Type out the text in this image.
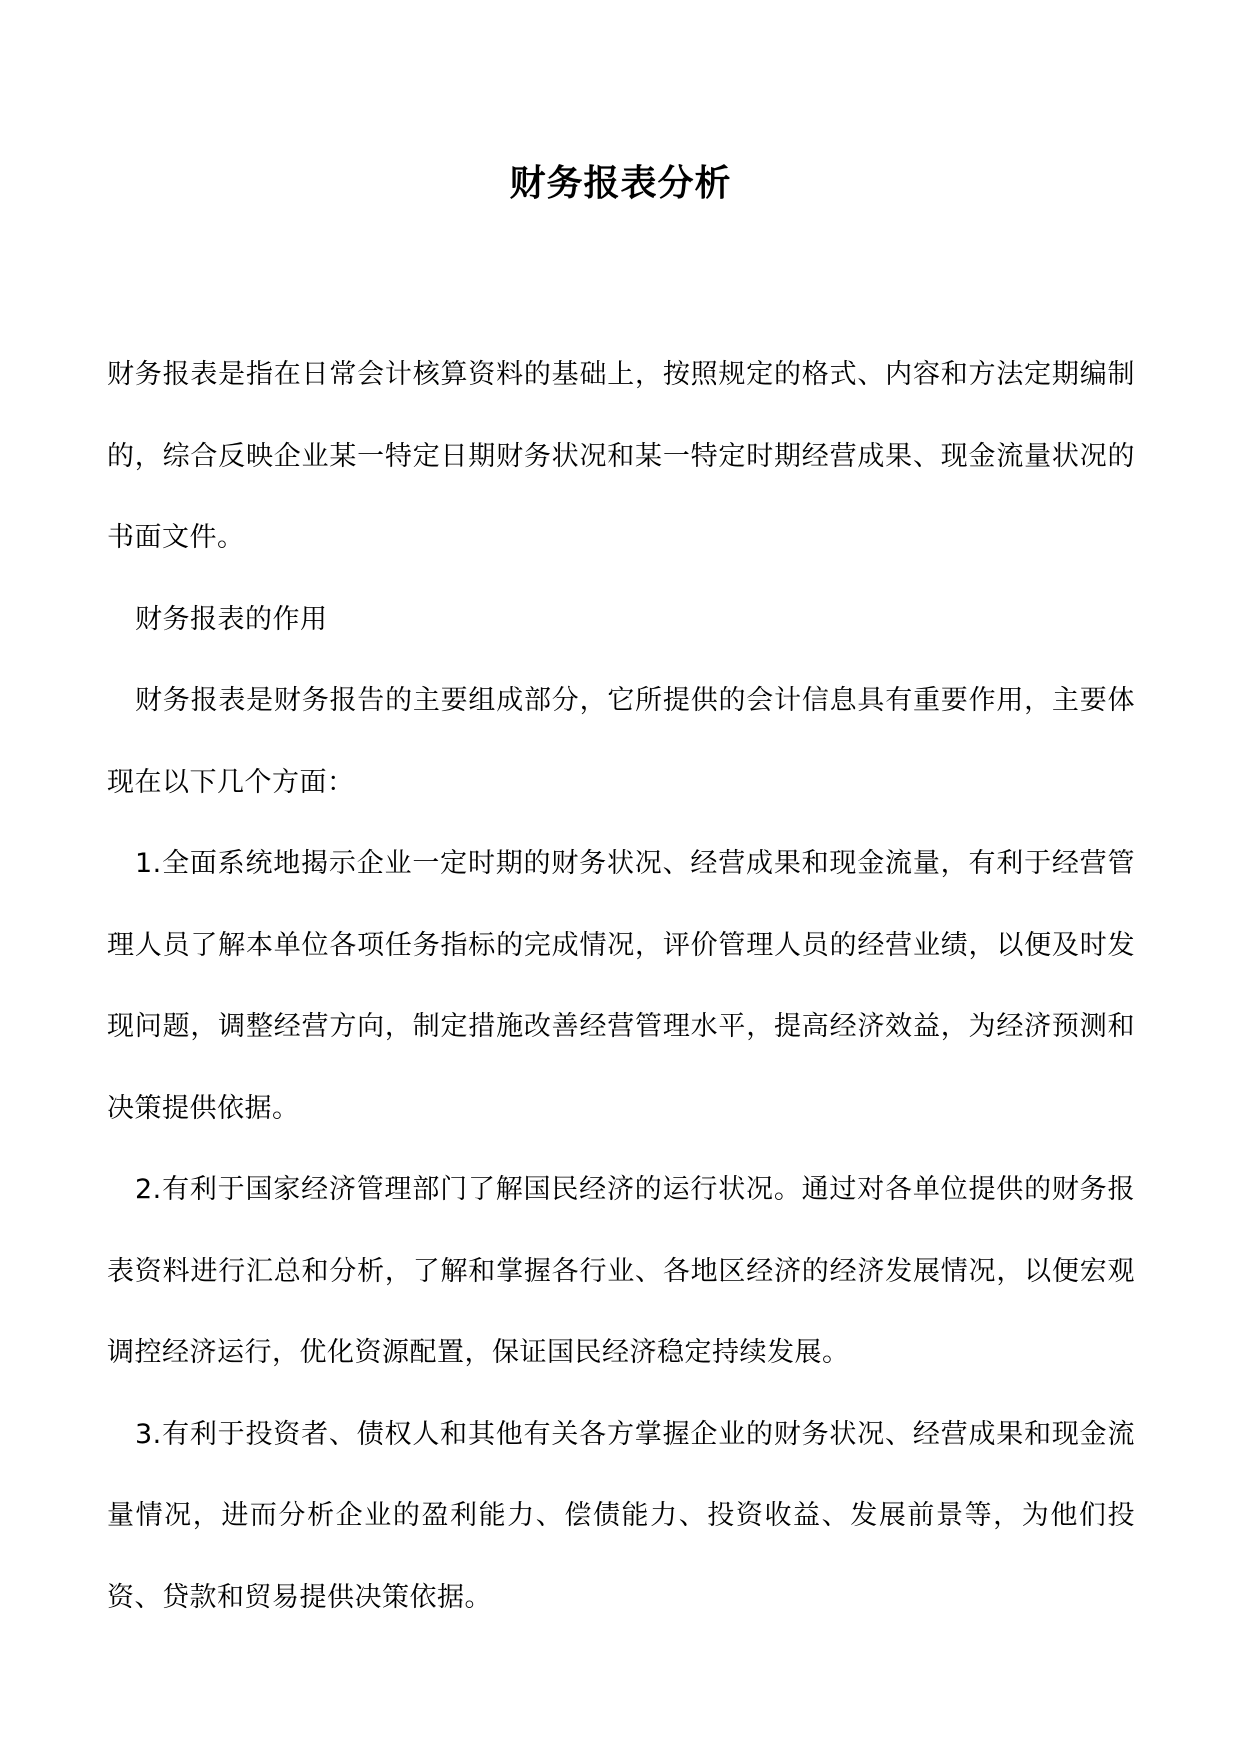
财务报表分析

财务报表是指在日常会计核算资料的基础上，按照规定的格式、内容和方法定期编制的，综合反映企业某一特定日期财务状况和某一特定时期经营成果、现金流量状况的书面文件。

财务报表的作用

财务报表是财务报告的主要组成部分，它所提供的会计信息具有重要作用，主要体现在以下几个方面：

1.全面系统地揭示企业一定时期的财务状况、经营成果和现金流量，有利于经营管理人员了解本单位各项任务指标的完成情况，评价管理人员的经营业绩，以便及时发现问题，调整经营方向，制定措施改善经营管理水平，提高经济效益，为经济预测和决策提供依据。

2.有利于国家经济管理部门了解国民经济的运行状况。通过对各单位提供的财务报表资料进行汇总和分析，了解和掌握各行业、各地区经济的经济发展情况，以便宏观调控经济运行，优化资源配置，保证国民经济稳定持续发展。

3.有利于投资者、债权人和其他有关各方掌握企业的财务状况、经营成果和现金流量情况，进而分析企业的盈利能力、偿债能力、投资收益、发展前景等，为他们投资、贷款和贸易提供决策依据。
